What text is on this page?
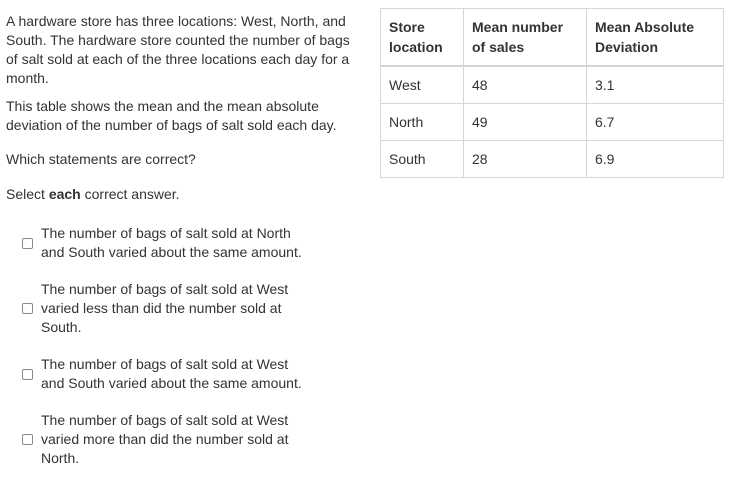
A hardware store has three locations: West, North, and South. The hardware store counted the number of bags of salt sold at each of the three locations each day for a month.

This table shows the mean and the mean absolute deviation of the number of bags of salt sold each day.

Which statements are correct?

Select each correct answer.

The number of bags of salt sold at North and South varied about the same amount.
The number of bags of salt sold at West varied less than did the number sold at South.
The number of bags of salt sold at West and South varied about the same amount.
The number of bags of salt sold at West varied more than did the number sold at North.
Store location	Mean number of sales	Mean Absolute Deviation
West	48	3.1
North	49	6.7
South	28	6.9
